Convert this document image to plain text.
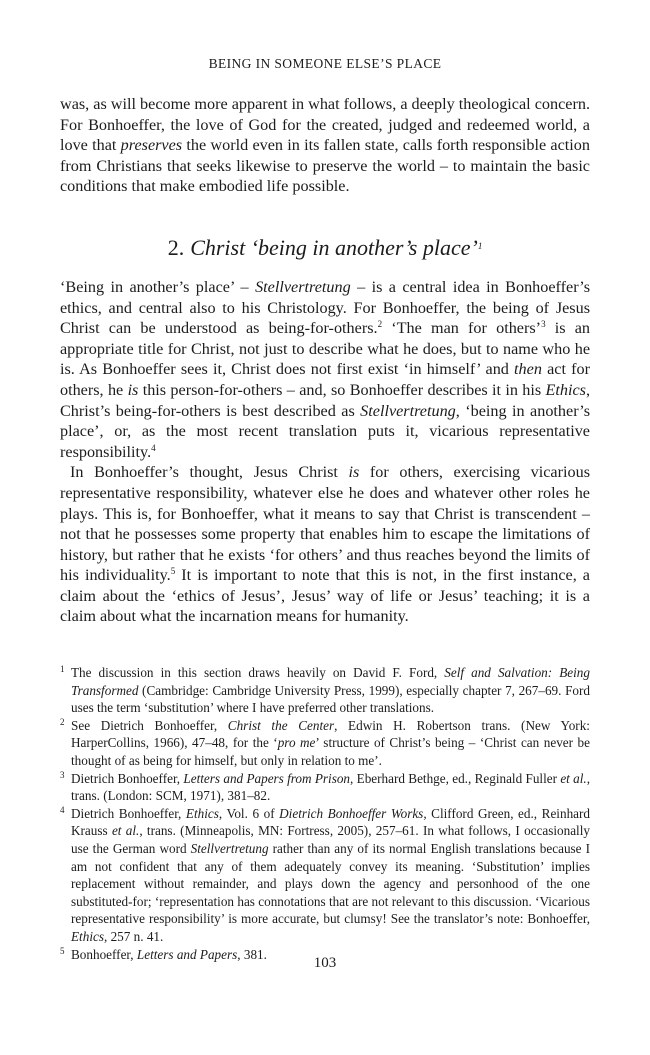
BEING IN SOMEONE ELSE’S PLACE

was, as will become more apparent in what follows, a deeply theological concern. For Bonhoeffer, the love of God for the created, judged and redeemed world, a love that preserves the world even in its fallen state, calls forth responsible action from Christians that seeks likewise to preserve the world – to maintain the basic conditions that make embodied life possible.

2. Christ ‘being in another’s place’$^1$

‘Being in another’s place’ – Stellvertretung – is a central idea in Bonhoeffer’s ethics, and central also to his Christology. For Bonhoeffer, the being of Jesus Christ can be understood as being-for-others.$^2$ ‘The man for others’$^3$ is an appropriate title for Christ, not just to describe what he does, but to name who he is. As Bonhoeffer sees it, Christ does not first exist ‘in himself’ and then act for others, he is this person-for-others – and, so Bonhoeffer describes it in his Ethics, Christ’s being-for-others is best described as Stellvertretung, ‘being in another’s place’, or, as the most recent translation puts it, vicarious representative responsibility.$^4$

In Bonhoeffer’s thought, Jesus Christ is for others, exercising vicarious representative responsibility, whatever else he does and whatever other roles he plays. This is, for Bonhoeffer, what it means to say that Christ is transcendent – not that he possesses some property that enables him to escape the limitations of history, but rather that he exists ‘for others’ and thus reaches beyond the limits of his individuality.$^5$ It is important to note that this is not, in the first instance, a claim about the ‘ethics of Jesus’, Jesus’ way of life or Jesus’ teaching; it is a claim about what the incarnation means for humanity.

1 The discussion in this section draws heavily on David F. Ford, Self and Salvation: Being Transformed (Cambridge: Cambridge University Press, 1999), especially chapter 7, 267–69. Ford uses the term ‘substitution’ where I have preferred other translations.

2 See Dietrich Bonhoeffer, Christ the Center, Edwin H. Robertson trans. (New York: HarperCollins, 1966), 47–48, for the ‘pro me’ structure of Christ’s being – ‘Christ can never be thought of as being for himself, but only in relation to me’.

3 Dietrich Bonhoeffer, Letters and Papers from Prison, Eberhard Bethge, ed., Reginald Fuller et al., trans. (London: SCM, 1971), 381–82.

4 Dietrich Bonhoeffer, Ethics, Vol. 6 of Dietrich Bonhoeffer Works, Clifford Green, ed., Reinhard Krauss et al., trans. (Minneapolis, MN: Fortress, 2005), 257–61. In what follows, I occasionally use the German word Stellvertretung rather than any of its normal English translations because I am not confident that any of them adequately convey its meaning. ‘Substitution’ implies replacement without remainder, and plays down the agency and personhood of the one substituted-for; ‘representation has connotations that are not relevant to this discussion. ‘Vicarious representative responsibility’ is more accurate, but clumsy! See the translator’s note: Bonhoeffer, Ethics, 257 n. 41.

5 Bonhoeffer, Letters and Papers, 381.

103
